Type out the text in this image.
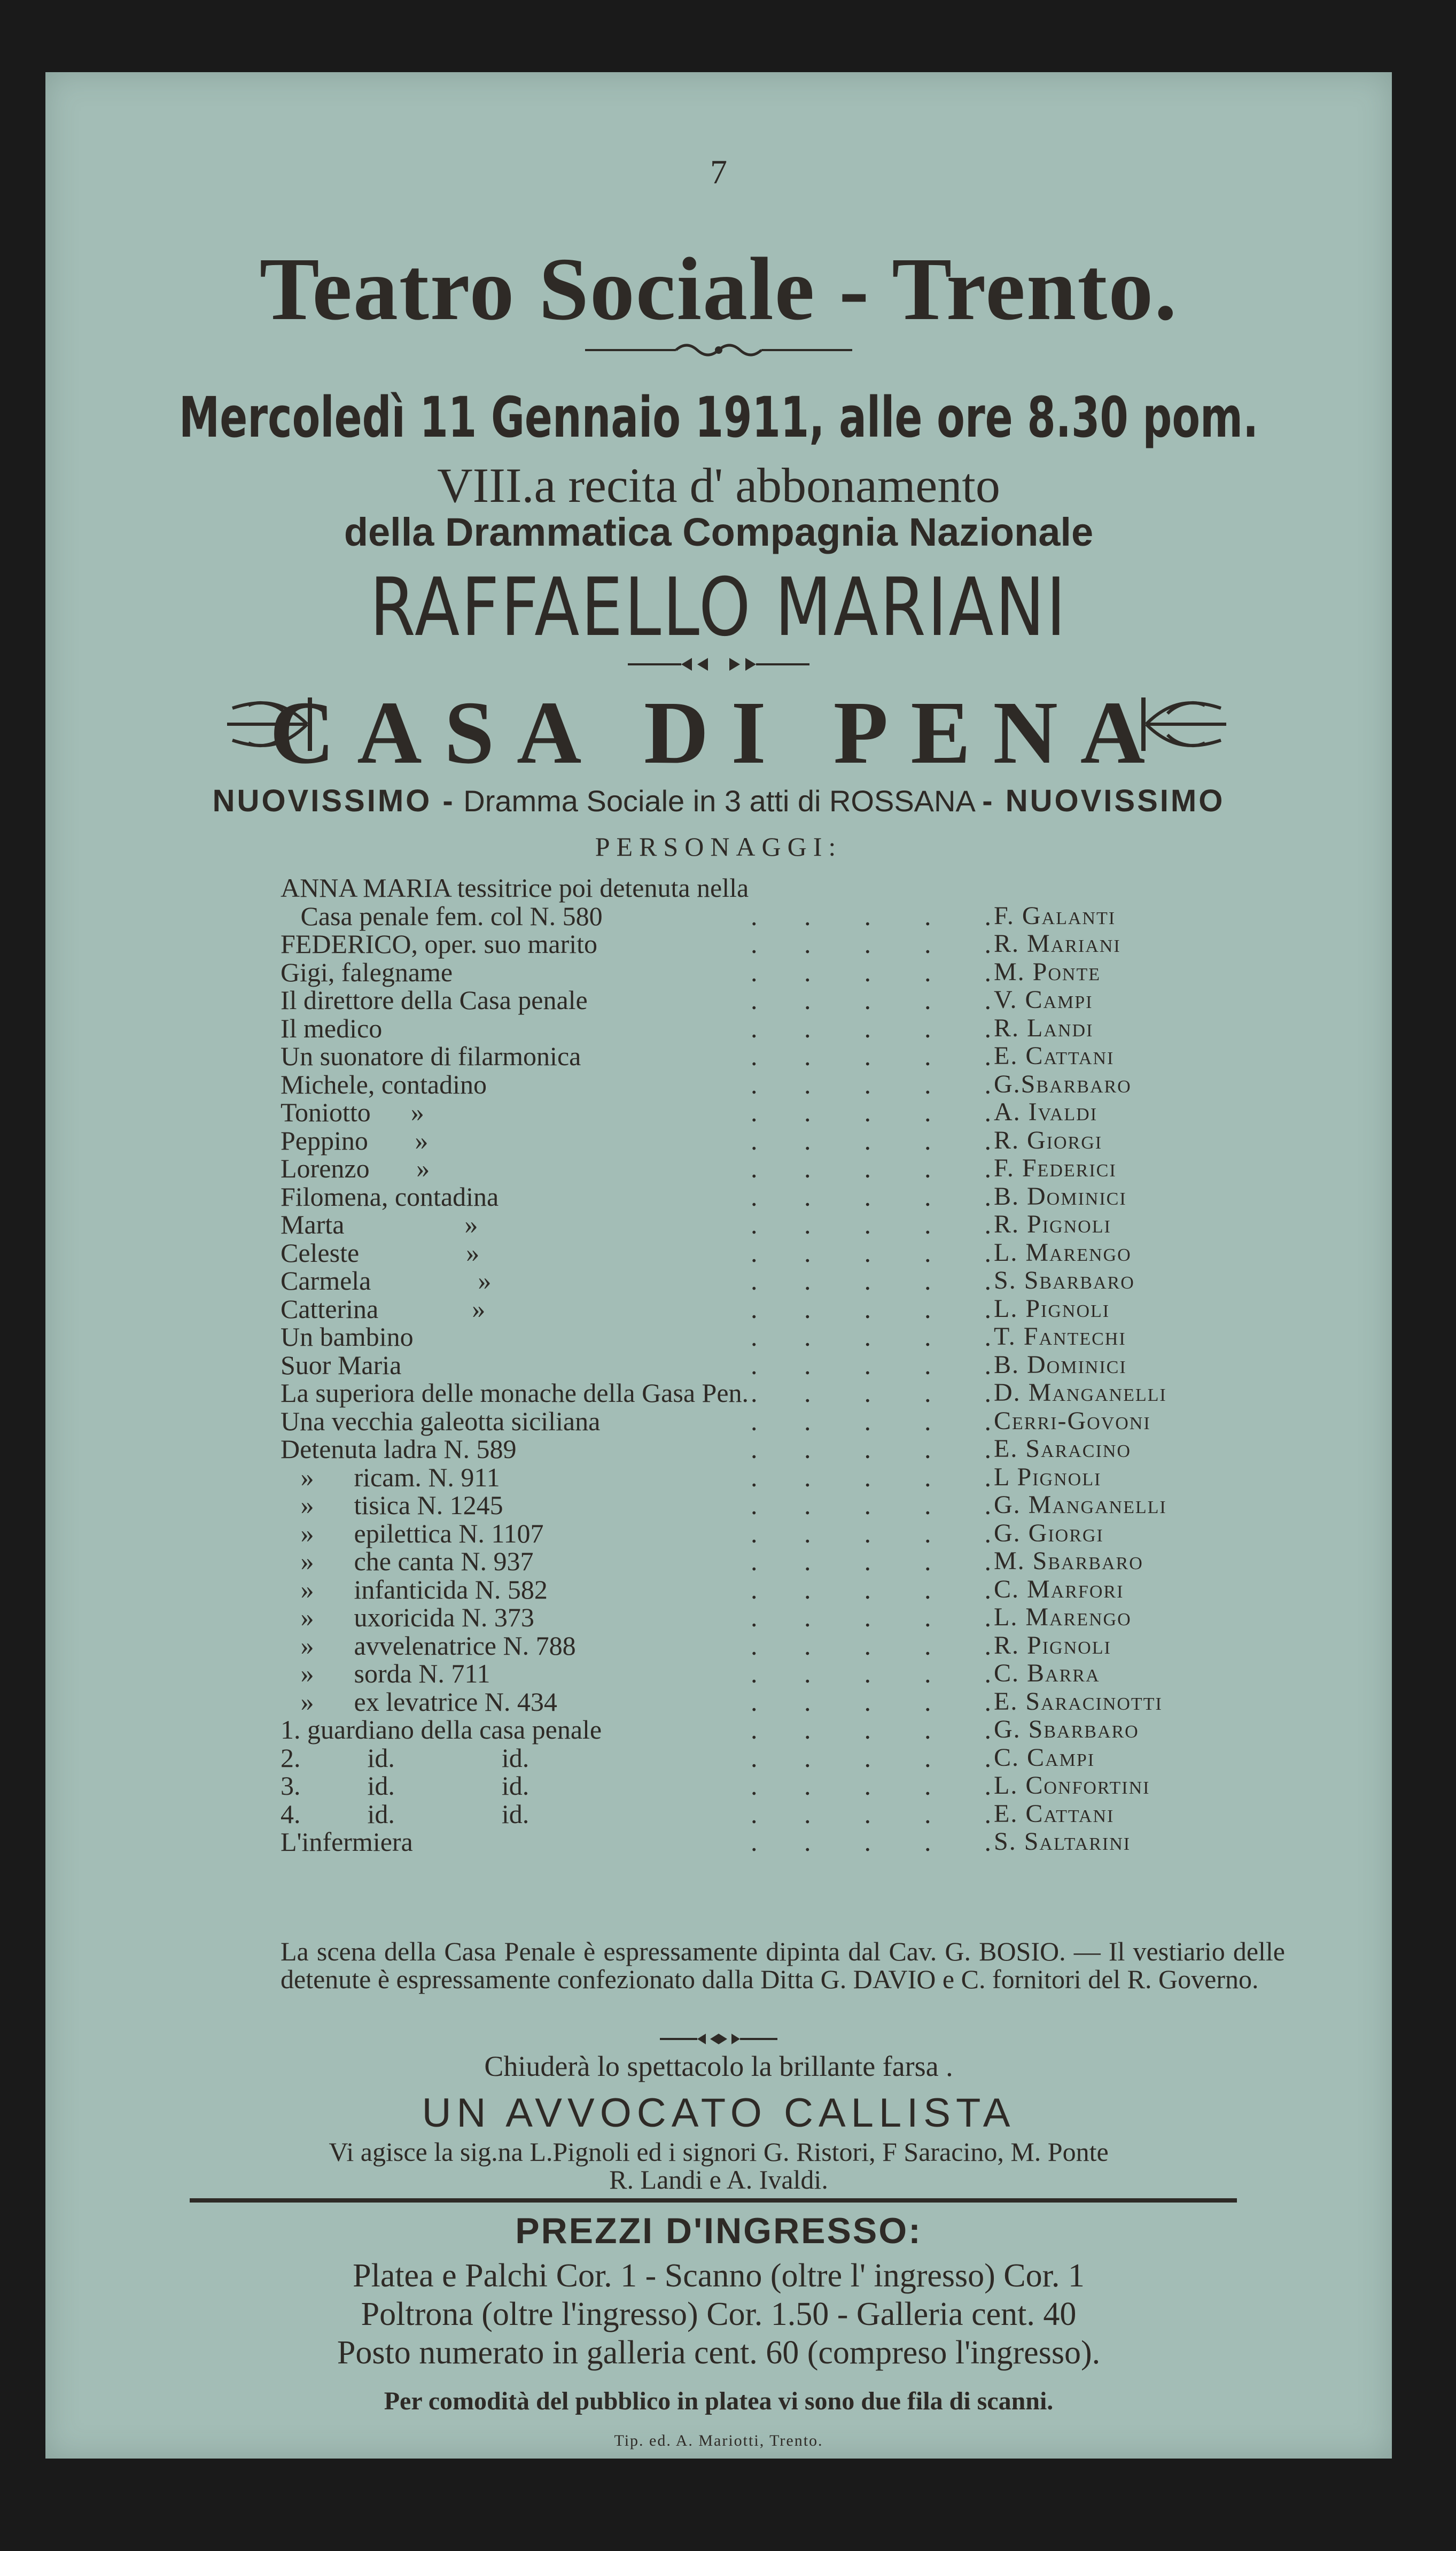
7
Teatro Sociale - Trento.
Mercoledì 11 Gennaio 1911, alle ore 8.30 pom.
VIII.a recita d' abbonamento
della Drammatica Compagnia Nazionale
RAFFAELLO MARIANI
CASA DI PENA
NUOVISSIMO - Dramma Sociale in 3 atti di ROSSANA - NUOVISSIMO
PERSONAGGI:
ANNA MARIA tessitrice poi detenuta nella
Casa penale fem. col N. 580	.       .        .        .        . F. Galanti
FEDERICO, oper. suo marito	.       .        .        .        . R. Mariani
Gigi, falegname	.       .        .        .        . M. Ponte
Il direttore della Casa penale	.       .        .        .        . V. Campi
Il medico	.       .        .        .        . R. Landi
Un suonatore di filarmonica	.       .        .        .        . E. Cattani
Michele, contadino	.       .        .        .        . G.Sbarbaro
Toniotto      »	.       .        .        .        . A. Ivaldi
Peppino       »	.       .        .        .        . R. Giorgi
Lorenzo       »	.       .        .        .        . F. Federici
Filomena, contadina	.       .        .        .        . B. Dominici
Marta                  »	.       .        .        .        . R. Pignoli
Celeste                »	.       .        .        .        . L. Marengo
Carmela                »	.       .        .        .        . S. Sbarbaro
Catterina              »	.       .        .        .        . L. Pignoli
Un bambino	.       .        .        .        . T. Fantechi
Suor Maria	.       .        .        .        . B. Dominici
La superiora delle monache della Gasa Pen. .       .        .        .        . D. Manganelli
Una vecchia galeotta siciliana	.       .        .        .        . Cerri-Govoni
Detenuta ladra N. 589	.       .        .        .        . E. Saracino
»      ricam. N. 911	.       .        .        .        . L Pignoli
»      tisica N. 1245	.       .        .        .        . G. Manganelli
»      epilettica N. 1107	.       .        .        .        . G. Giorgi
»      che canta N. 937	.       .        .        .        . M. Sbarbaro
»      infanticida N. 582	.       .        .        .        . C. Marfori
»      uxoricida N. 373	.       .        .        .        . L. Marengo
»      avvelenatrice N. 788	.       .        .        .        . R. Pignoli
»      sorda N. 711	.       .        .        .        . C. Barra
»      ex levatrice N. 434	.       .        .        .        . E. Saracinotti
1. guardiano della casa penale	.       .        .        .        . G. Sbarbaro
2.          id.                id.	.       .        .        .        . C. Campi
3.          id.                id.	.       .        .        .        . L. Confortini
4.          id.                id.	.       .        .        .        . E. Cattani
L'infermiera	.       .        .        .        . S. Saltarini

La scena della Casa Penale è espressamente dipinta dal Cav. G. BOSIO. — Il vestiario delle detenute è espressamente confezionato dalla Ditta G. DAVIO e C. fornitori del R. Governo.

Chiuderà lo spettacolo la brillante farsa .
UN AVVOCATO CALLISTA
Vi agisce la sig.na L.Pignoli ed i signori G. Ristori, F Saracino, M. Ponte
R. Landi e A. Ivaldi.
PREZZI D'INGRESSO:
Platea e Palchi Cor. 1 - Scanno (oltre l' ingresso) Cor. 1
Poltrona (oltre l'ingresso) Cor. 1.50 - Galleria cent. 40
Posto numerato in galleria cent. 60 (compreso l'ingresso).
Per comodità del pubblico in platea vi sono due fila di scanni.
Tip. ed. A. Mariotti, Trento.
